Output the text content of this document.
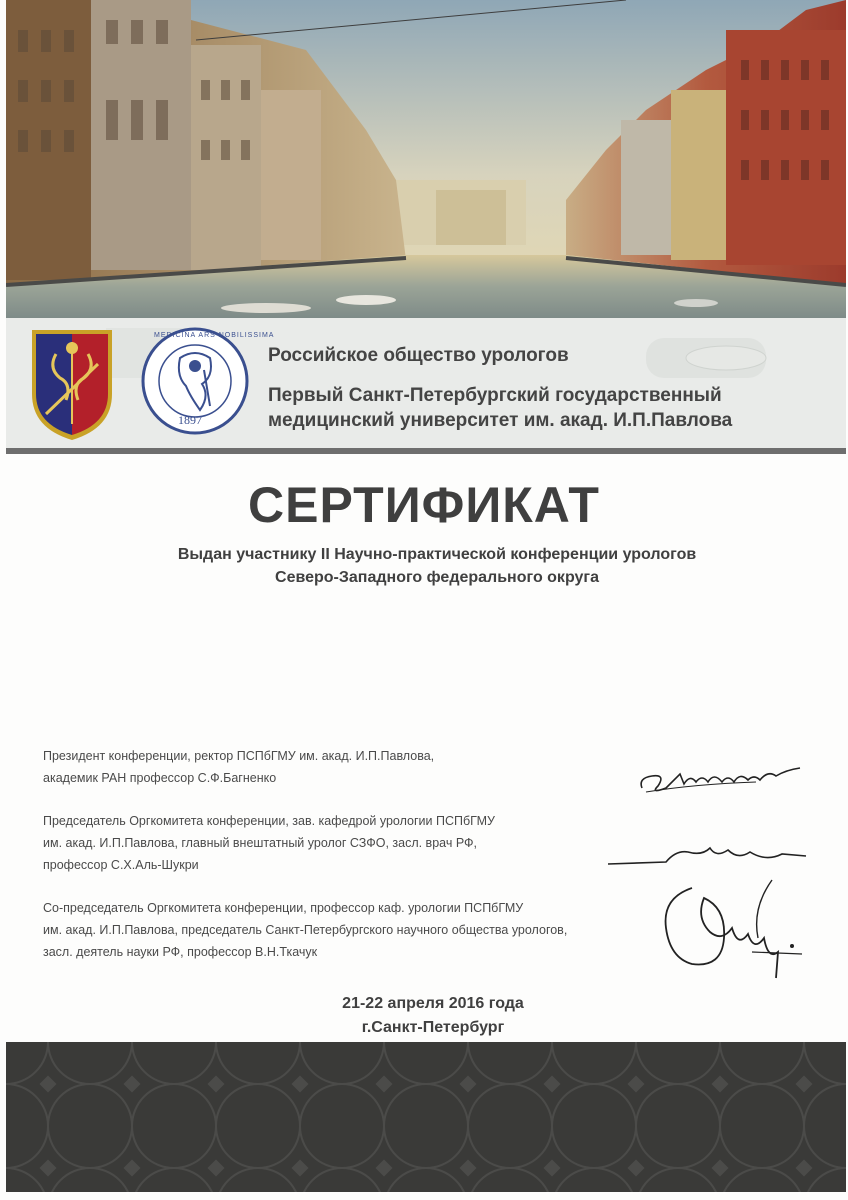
MEDICINA ARS NOBILISSIMA
1897
Российское общество урологов
Первый Санкт-Петербургский государственный
медицинский университет им. акад. И.П.Павлова
СЕРТИФИКАТ
Выдан участнику II Научно-практической конференции урологов
Северо-Западного федерального округа
Президент конференции, ректор ПСПбГМУ им. акад. И.П.Павлова,
академик РАН профессор С.Ф.Багненко
Председатель Оргкомитета конференции, зав. кафедрой урологии ПСПбГМУ
им. акад. И.П.Павлова, главный внештатный уролог СЗФО, засл. врач РФ,
профессор С.Х.Аль-Шукри
Со-председатель Оргкомитета конференции, профессор каф. урологии ПСПбГМУ
им. акад. И.П.Павлова, председатель Санкт-Петербургского научного общества урологов,
засл. деятель науки РФ, профессор В.Н.Ткачук
21-22 апреля 2016 года
г.Санкт-Петербург
